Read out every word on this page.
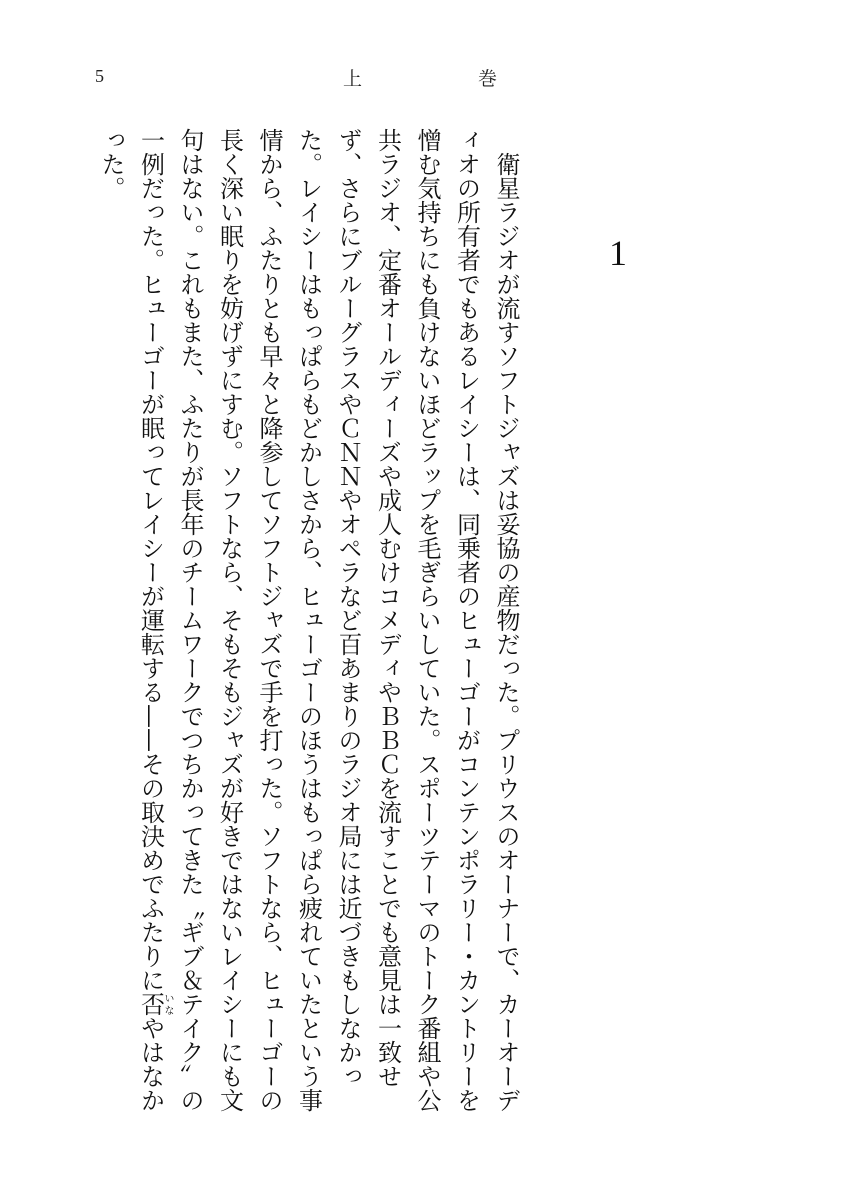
5	上	巻
1

衛星ラジオが流すソフトジャズは妥協の産物だった。プリウスのオーナーで、カーオーディオの所有者でもあるレイシーは、同乗者のヒューゴーがコンテンポラリー・カントリーを憎む気持ちにも負けないほどラップを毛ぎらいしていた。スポーツテーマのトーク番組や公共ラジオ、定番オールディーズや成人むけコメディやＢＢＣを流すことでも意見は一致せず、さらにブルーグラスやＣＮＮやオペラなど百あまりのラジオ局には近づきもしなかった。レイシーはもっぱらもどかしさから、ヒューゴーのほうはもっぱら疲れていたという事情から、ふたりとも早々と降参してソフトジャズで手を打った。ソフトなら、ヒューゴーの長く深い眠りを妨げずにすむ。ソフトなら、そもそもジャズが好きではないレイシーにも文句はない。これもまた、ふたりが長年のチームワークでつちかってきた〝ギブ＆テイク〟の一例だった。ヒューゴーが眠ってレイシーが運転する——その取決めでふたりに否いなやはなかった。
